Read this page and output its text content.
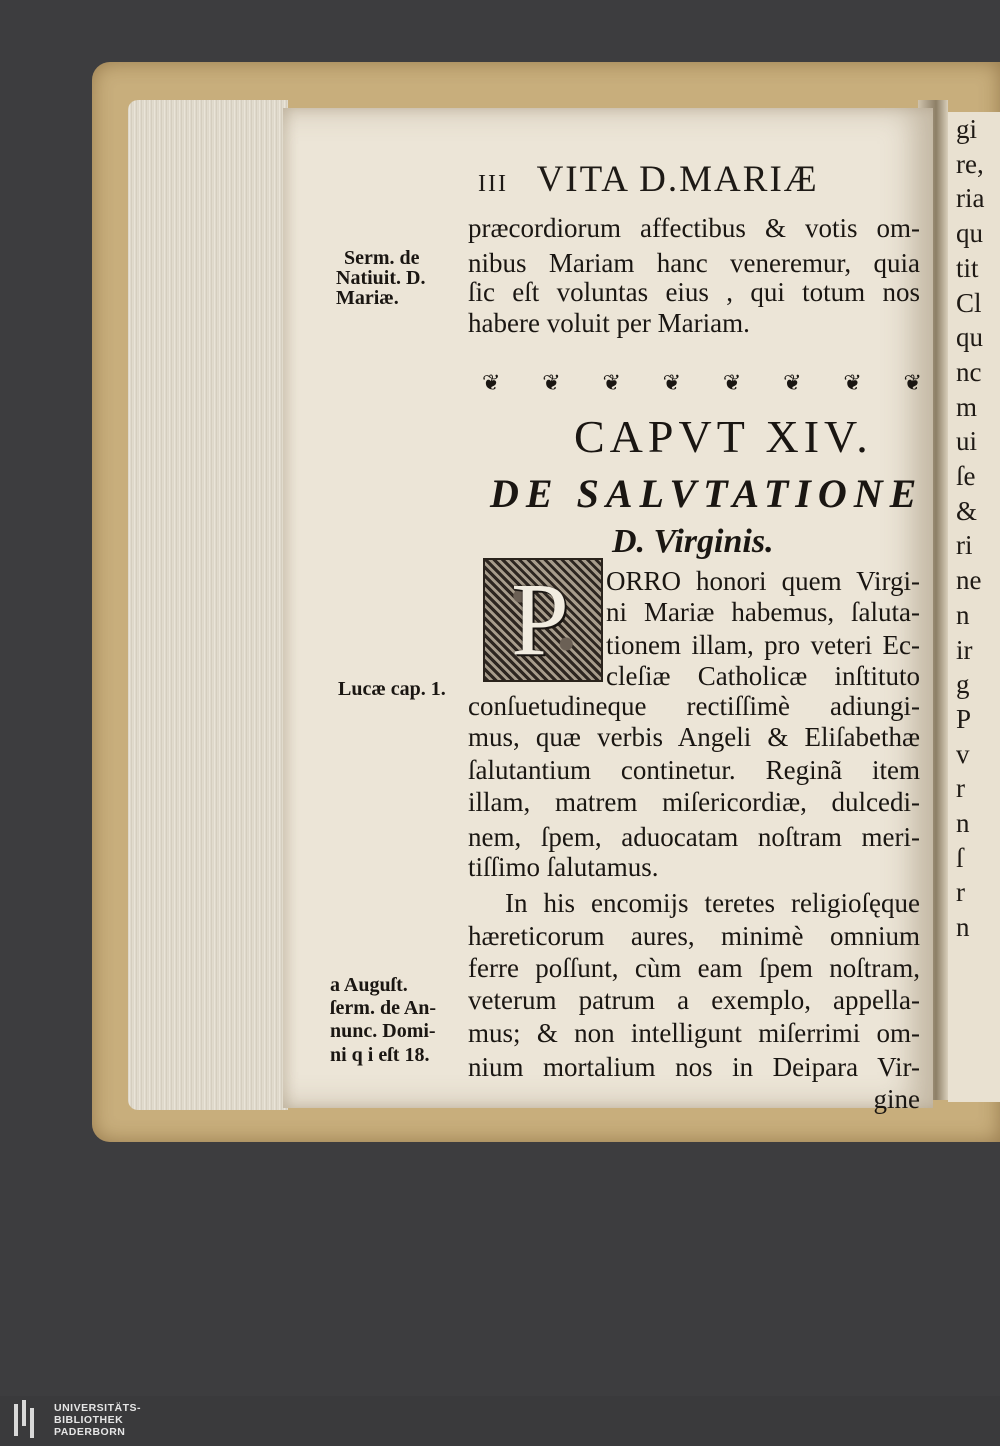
gi
re,
ria
qu
tit
Cl
qu
nc
m
ui
ſe
&
ri
ne
n
ir
g
P
v
r
n
ſ
r
n
III VITA D.MARIÆ
præcordiorum affectibus & votis om-
nibus Mariam hanc veneremur, quia
ſic eſt voluntas eius , qui totum nos
habere voluit per Mariam.
Serm. de
Natiuit. D.
Mariæ.
Lucæ cap. 1.
a Auguſt.
ſerm. de An-
nunc. Domi-
ni q i eſt 18.
❦ ❦ ❦ ❦ ❦ ❦ ❦ ❦
CAPVT XIV.
DE SALVTATIONE
D. Virginis.
P ORRO honori quem Virgi-
ni Mariæ habemus, ſaluta-
tionem illam, pro veteri Ec-
cleſiæ Catholicæ inſtituto
conſuetudineque rectiſſimè adiungi-
mus, quæ verbis Angeli & Eliſabethæ
ſalutantium continetur. Reginã item
illam, matrem miſericordiæ, dulcedi-
nem, ſpem, aduocatam noſtram meri-
tiſſimo ſalutamus.
In his encomijs teretes religioſęque
hæreticorum aures, minimè omnium
ferre poſſunt, cùm eam ſpem noſtram,
veterum patrum a exemplo, appella-
mus; & non intelligunt miſerrimi om-
nium mortalium nos in Deipara Vir-
gine
UNIVERSITÄTS-
BIBLIOTHEK
PADERBORN
